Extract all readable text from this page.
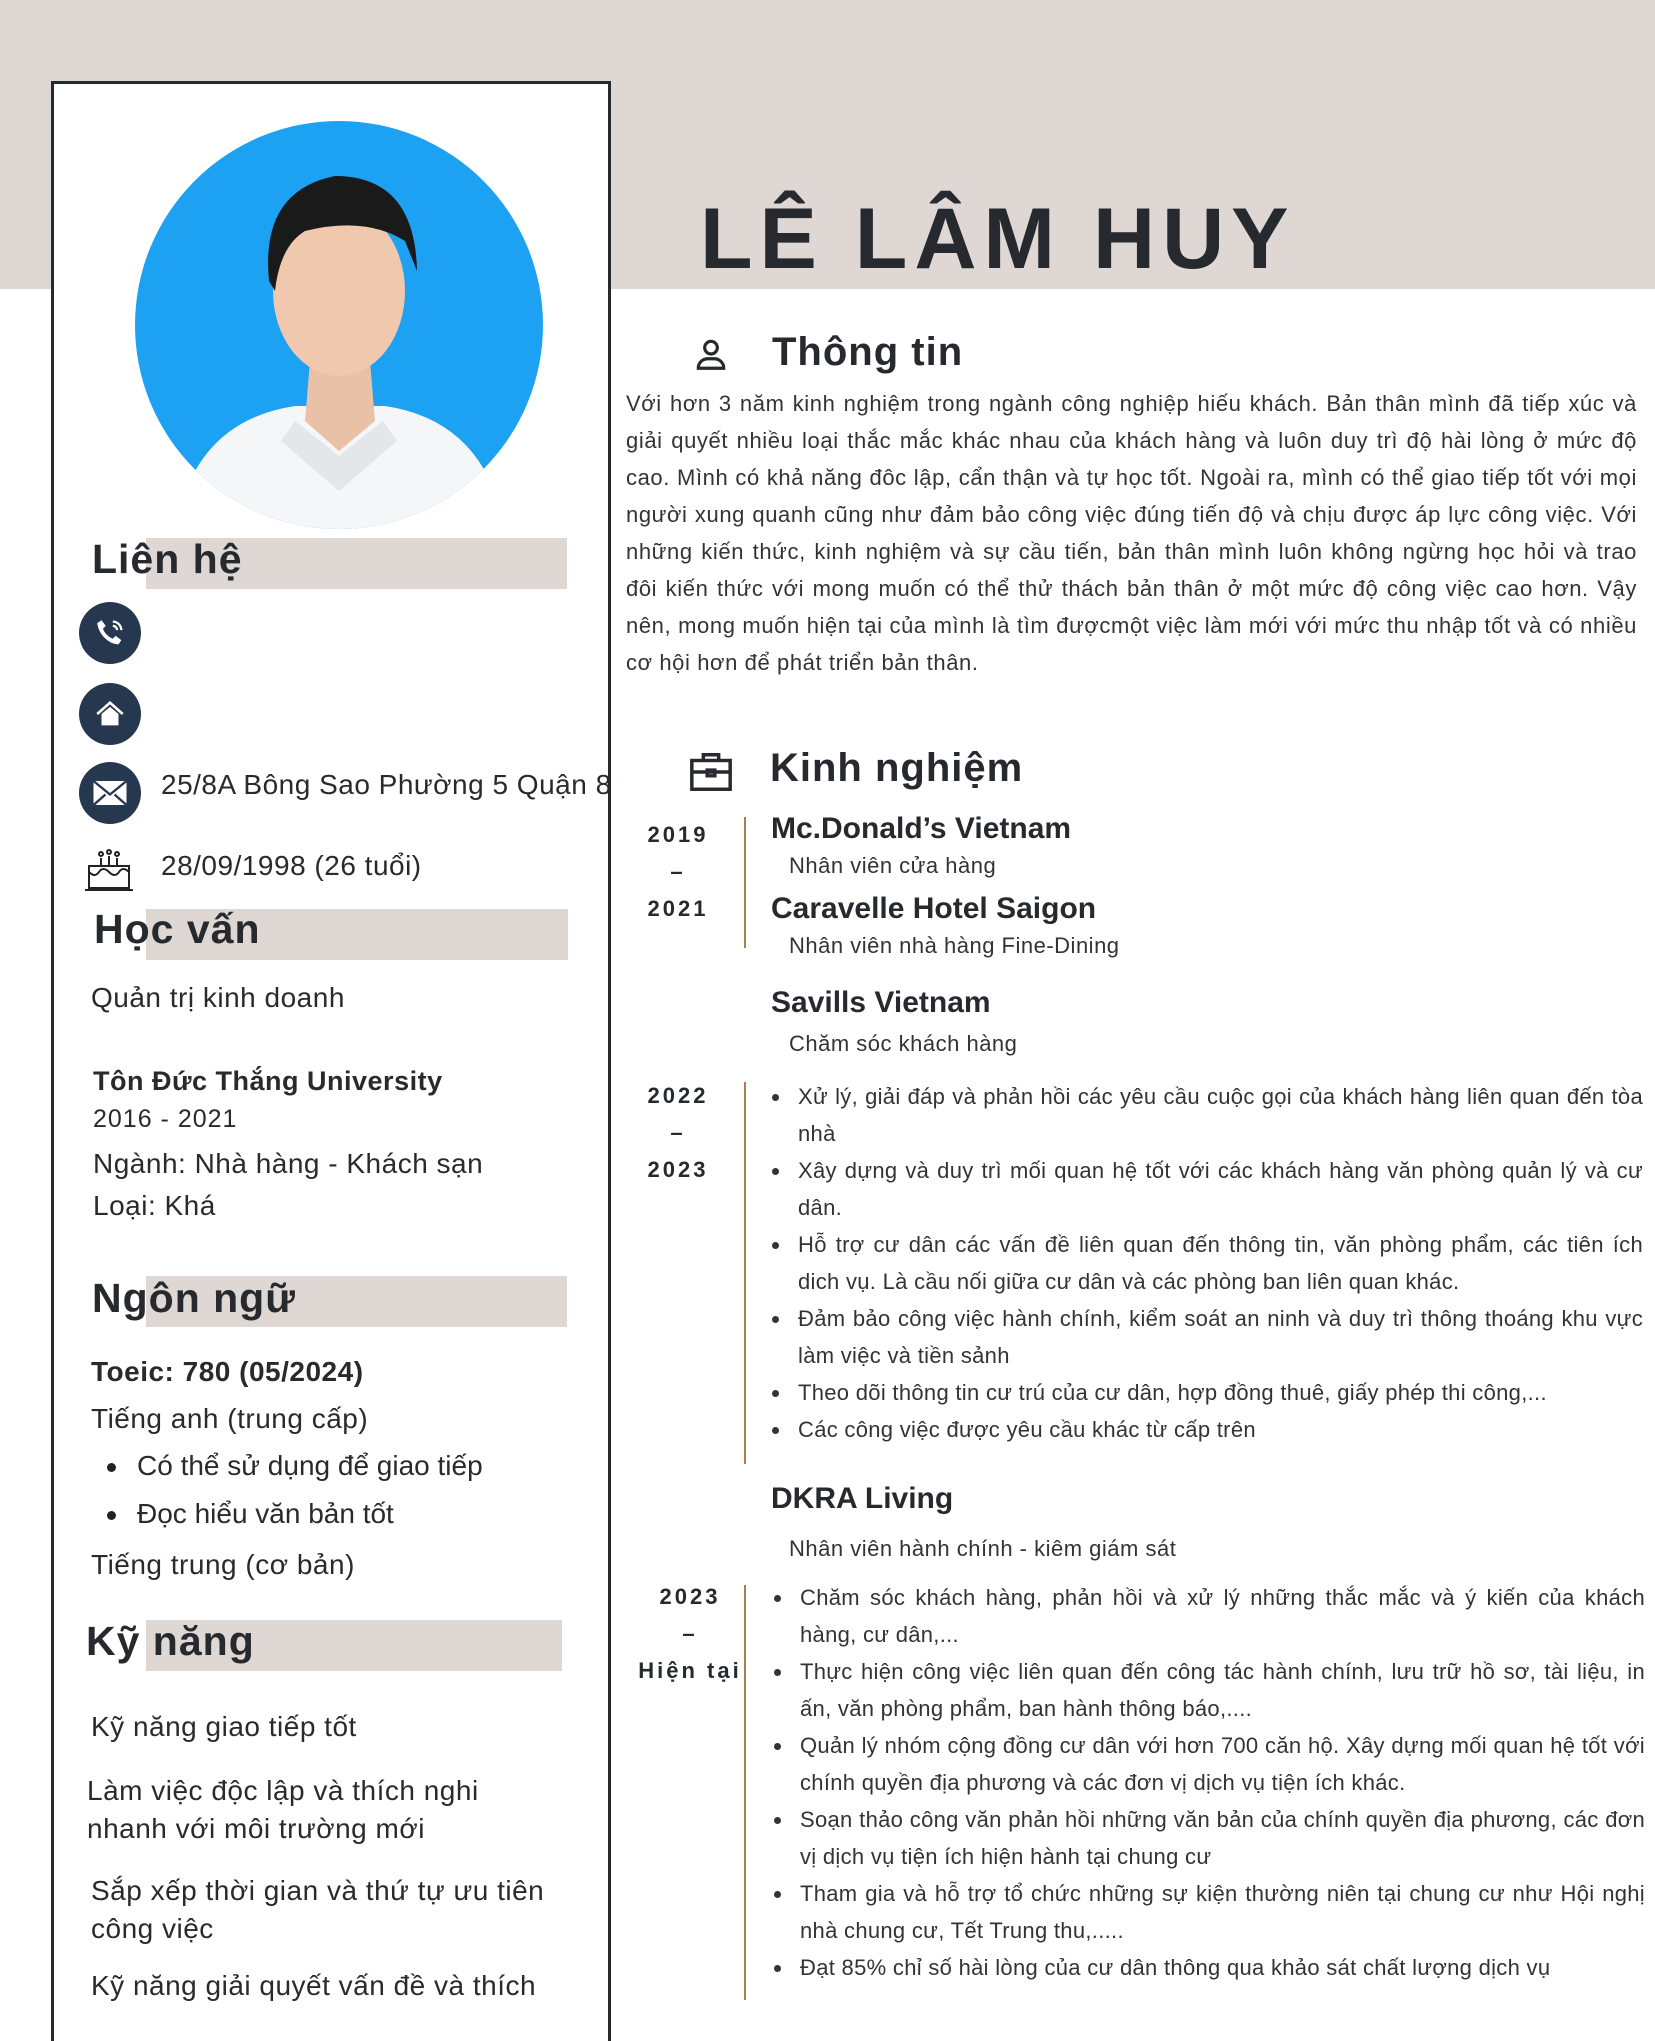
LÊ LÂM HUY
Liên hệ
25/8A Bông Sao Phường 5 Quận 8
28/09/1998 (26 tuổi)
Học vấn
Quản trị kinh doanh
Tôn Đức Thắng University
2016 - 2021
Ngành: Nhà hàng - Khách sạn
Loại: Khá
Ngôn ngữ
Toeic: 780 (05/2024)
Tiếng anh (trung cấp)
Có thể sử dụng để giao tiếp
Đọc hiểu văn bản tốt
Tiếng trung (cơ bản)
Kỹ năng
Kỹ năng giao tiếp tốt
Làm việc độc lập và thích nghi nhanh với môi trường mới
Sắp xếp thời gian và thứ tự ưu tiên công việc
Kỹ năng giải quyết vấn đề và thích
Thông tin
Với hơn 3 năm kinh nghiệm trong ngành công nghiệp hiếu khách. Bản thân mình đã tiếp xúc và giải quyết nhiều loại thắc mắc khác nhau của khách hàng và luôn duy trì độ hài lòng ở mức độ cao. Mình có khả năng đôc lập, cẩn thận và tự học tốt. Ngoài ra, mình có thể giao tiếp tốt với mọi người xung quanh cũng như đảm bảo công việc đúng tiến độ và chịu được áp lực công việc. Với những kiến thức, kinh nghiệm và sự cầu tiến, bản thân mình luôn không ngừng học hỏi và trao đôi kiến thức với mong muốn có thể thử thách bản thân ở một mức độ công việc cao hơn. Vậy nên, mong muốn hiện tại của mình là tìm đượcmột việc làm mới với mức thu nhập tốt và có nhiều cơ hội hơn để phát triển bản thân.
Kinh nghiệm
2019
–
2021
Mc.Donald’s Vietnam
Nhân viên cửa hàng
Caravelle Hotel Saigon
Nhân viên nhà hàng Fine-Dining
Savills Vietnam
Chăm sóc khách hàng
2022
–
2023
Xử lý, giải đáp và phản hồi các yêu cầu cuộc gọi của khách hàng liên quan đến tòa nhà
Xây dựng và duy trì mối quan hệ tốt với các khách hàng văn phòng quản lý và cư dân.
Hỗ trợ cư dân các vấn đề liên quan đến thông tin, văn phòng phẩm, các tiên ích dich vụ. Là cầu nối giữa cư dân và các phòng ban liên quan khác.
Đảm bảo công việc hành chính, kiểm soát an ninh và duy trì thông thoáng khu vực làm việc và tiền sảnh
Theo dõi thông tin cư trú của cư dân, hợp đồng thuê, giấy phép thi công,...
Các công việc được yêu cầu khác từ cấp trên
DKRA Living
Nhân viên hành chính - kiêm giám sát
2023
–
Hiện tại
Chăm sóc khách hàng, phản hồi và xử lý những thắc mắc và ý kiến của khách hàng, cư dân,...
Thực hiện công việc liên quan đến công tác hành chính, lưu trữ hồ sơ, tài liệu, in ấn, văn phòng phẩm, ban hành thông báo,....
Quản lý nhóm cộng đồng cư dân với hơn 700 căn hộ. Xây dựng mối quan hệ tốt với chính quyền địa phương và các đơn vị dịch vụ tiện ích khác.
Soạn thảo công văn phản hồi những văn bản của chính quyền địa phương, các đơn vị dịch vụ tiện ích hiện hành tại chung cư
Tham gia và hỗ trợ tổ chức những sự kiện thường niên tại chung cư như Hội nghị nhà chung cư, Tết Trung thu,.....
Đạt 85% chỉ số hài lòng của cư dân thông qua khảo sát chất lượng dịch vụ
